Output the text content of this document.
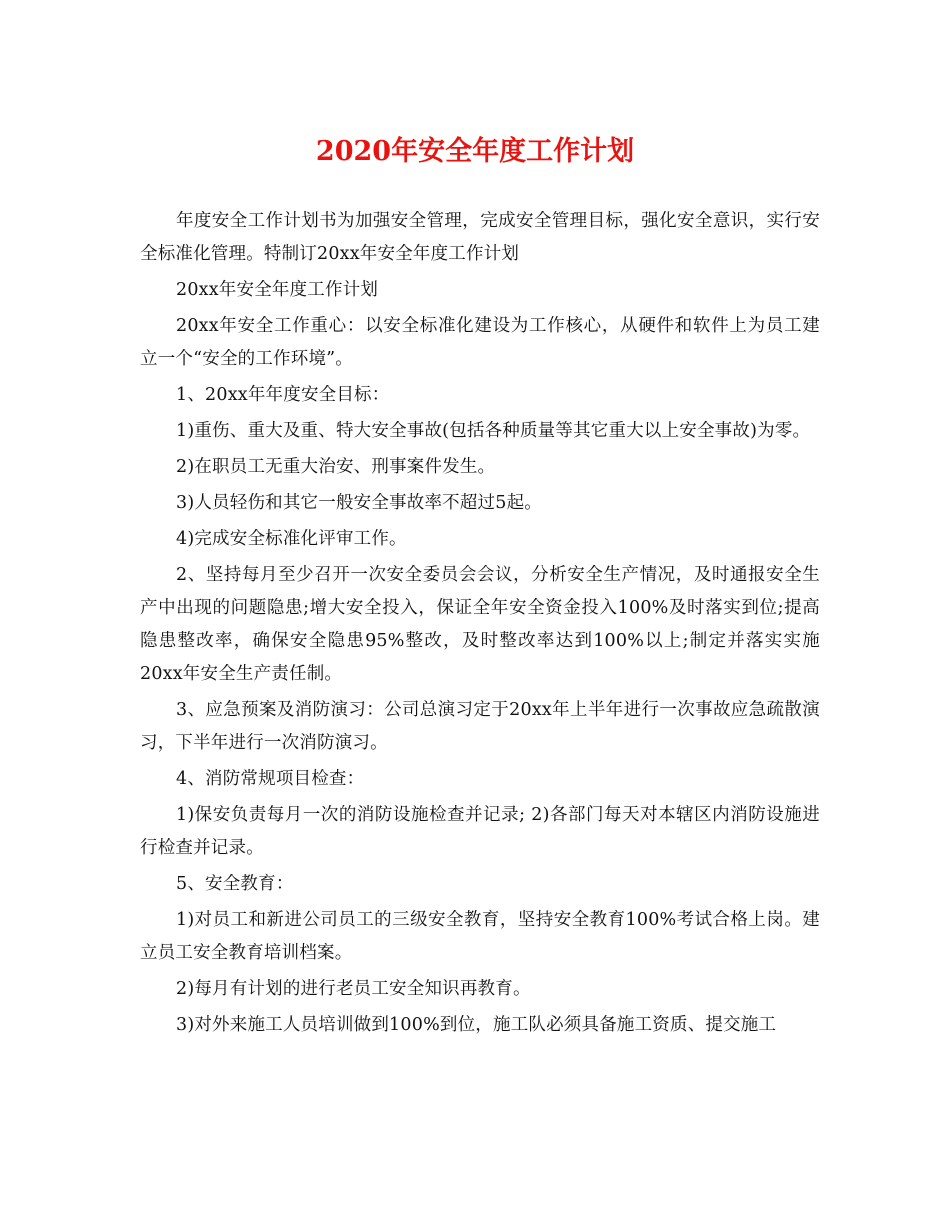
2020年安全年度工作计划

年度安全工作计划书为加强安全管理，完成安全管理目标，强化安全意识，实行安全标准化管理。特制订20xx年安全年度工作计划

20xx年安全年度工作计划

20xx年安全工作重心：以安全标准化建设为工作核心，从硬件和软件上为员工建立一个“安全的工作环境”。

1、20xx年年度安全目标：

1)重伤、重大及重、特大安全事故(包括各种质量等其它重大以上安全事故)为零。

2)在职员工无重大治安、刑事案件发生。

3)人员轻伤和其它一般安全事故率不超过5起。

4)完成安全标准化评审工作。

2、坚持每月至少召开一次安全委员会会议，分析安全生产情况，及时通报安全生产中出现的问题隐患;增大安全投入，保证全年安全资金投入100%及时落实到位;提高隐患整改率，确保安全隐患95%整改，及时整改率达到100%以上;制定并落实实施20xx年安全生产责任制。

3、应急预案及消防演习：公司总演习定于20xx年上半年进行一次事故应急疏散演习，下半年进行一次消防演习。

4、消防常规项目检查：

1)保安负责每月一次的消防设施检查并记录; 2)各部门每天对本辖区内消防设施进行检查并记录。

5、安全教育：

1)对员工和新进公司员工的三级安全教育，坚持安全教育100%考试合格上岗。建立员工安全教育培训档案。

2)每月有计划的进行老员工安全知识再教育。

3)对外来施工人员培训做到100%到位，施工队必须具备施工资质、提交施工
